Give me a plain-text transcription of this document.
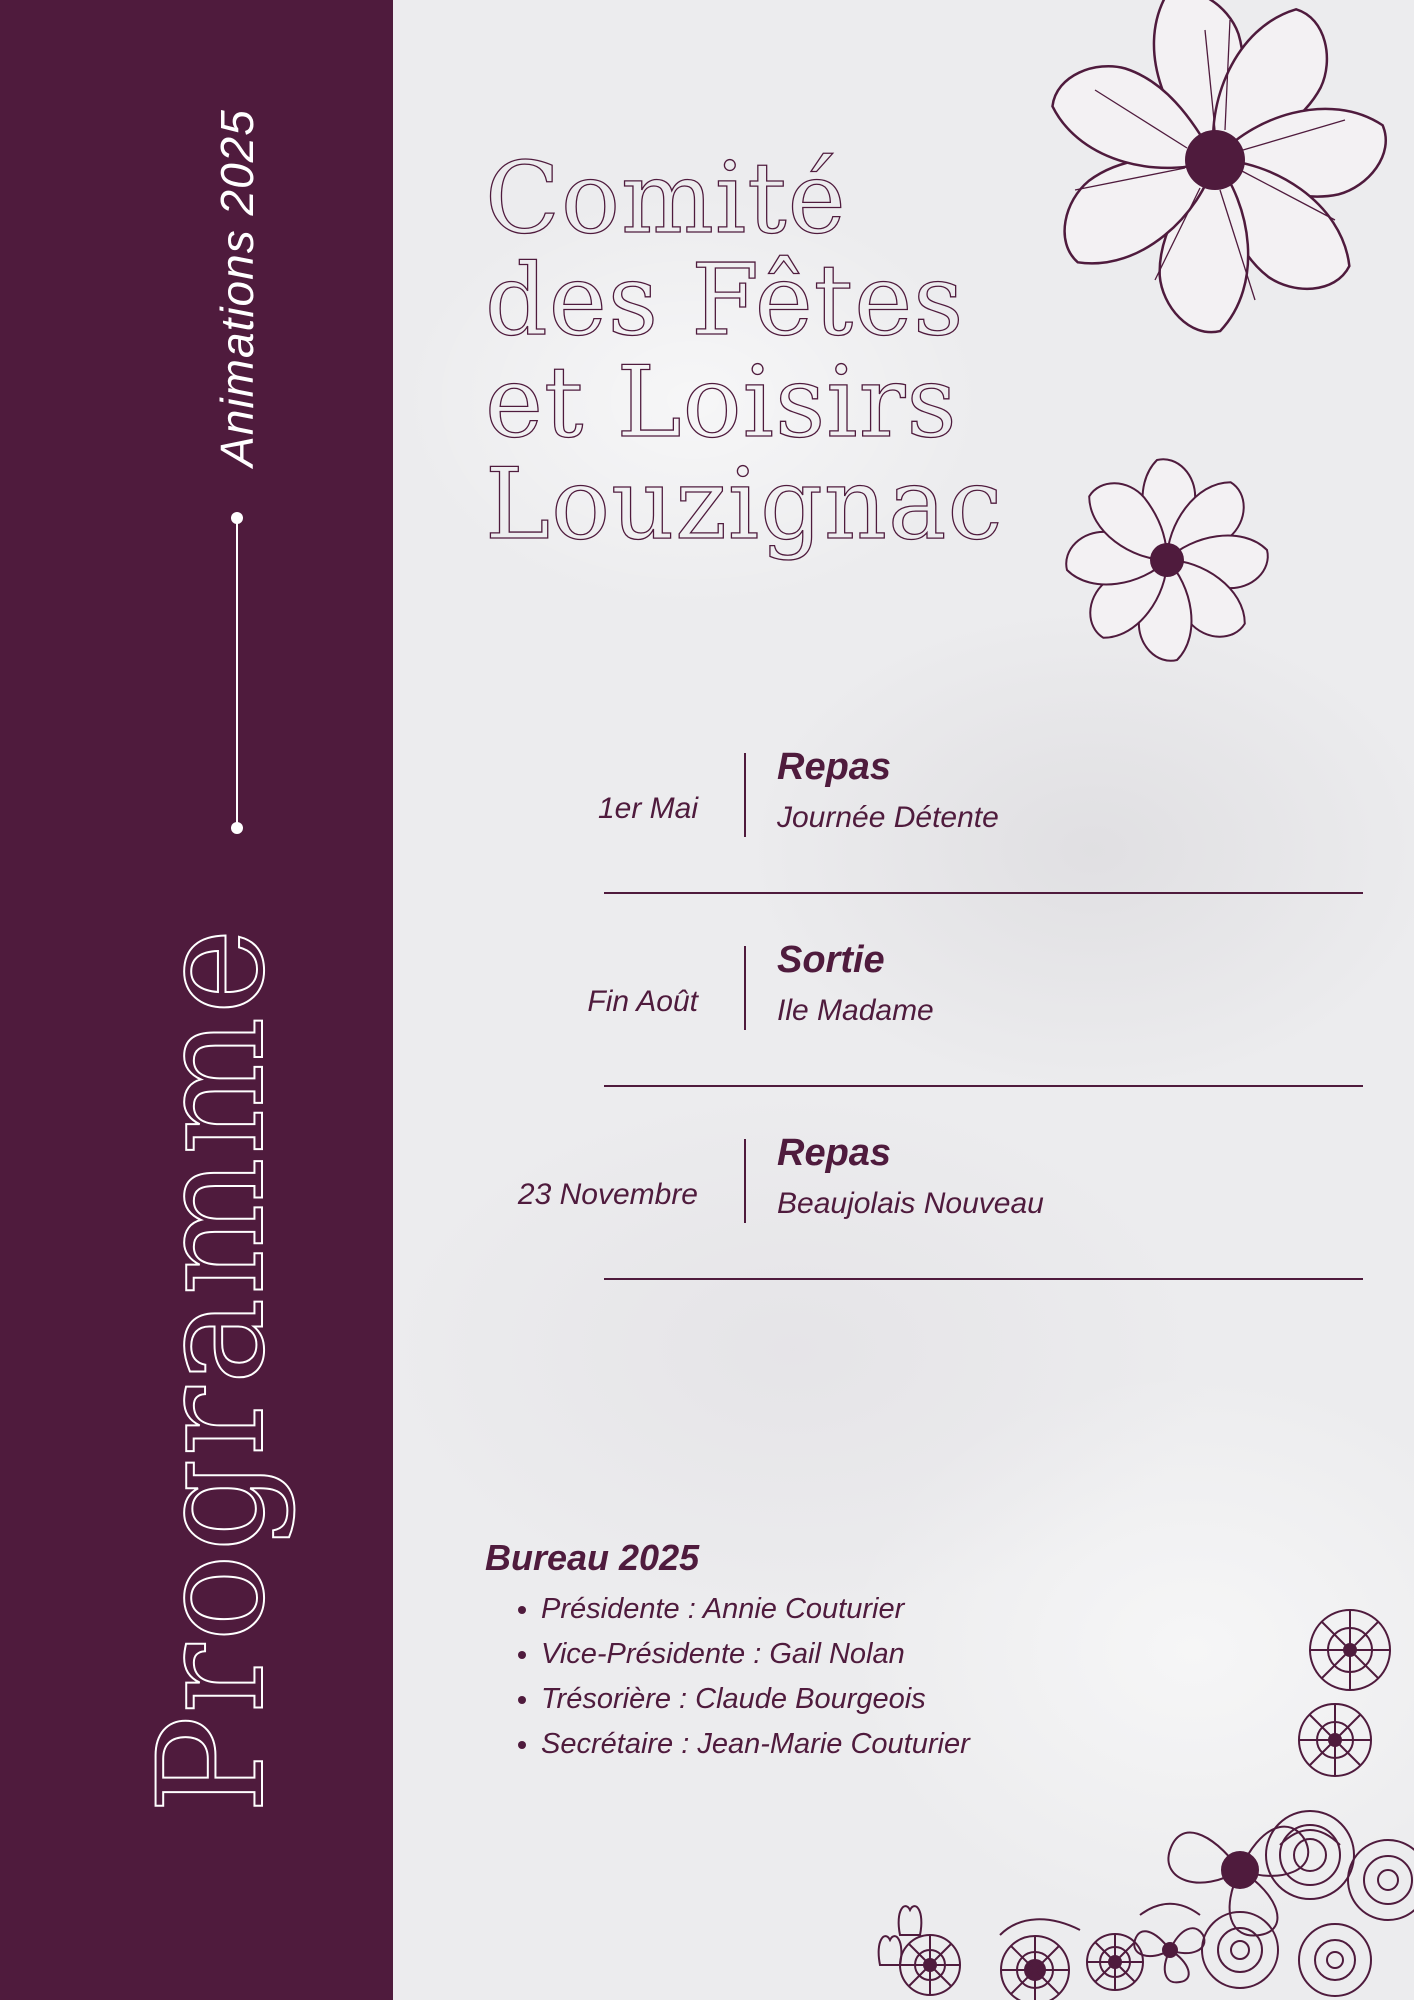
Animations 2025
Programme
Comité
des Fêtes
et Loisirs
Louzignac
1er Mai
Repas
Journée Détente
Fin Août
Sortie
Ile Madame
23 Novembre
Repas
Beaujolais Nouveau
Bureau 2025
• Présidente : Annie Couturier
• Vice-Présidente : Gail Nolan
• Trésorière : Claude Bourgeois
• Secrétaire : Jean-Marie Couturier
